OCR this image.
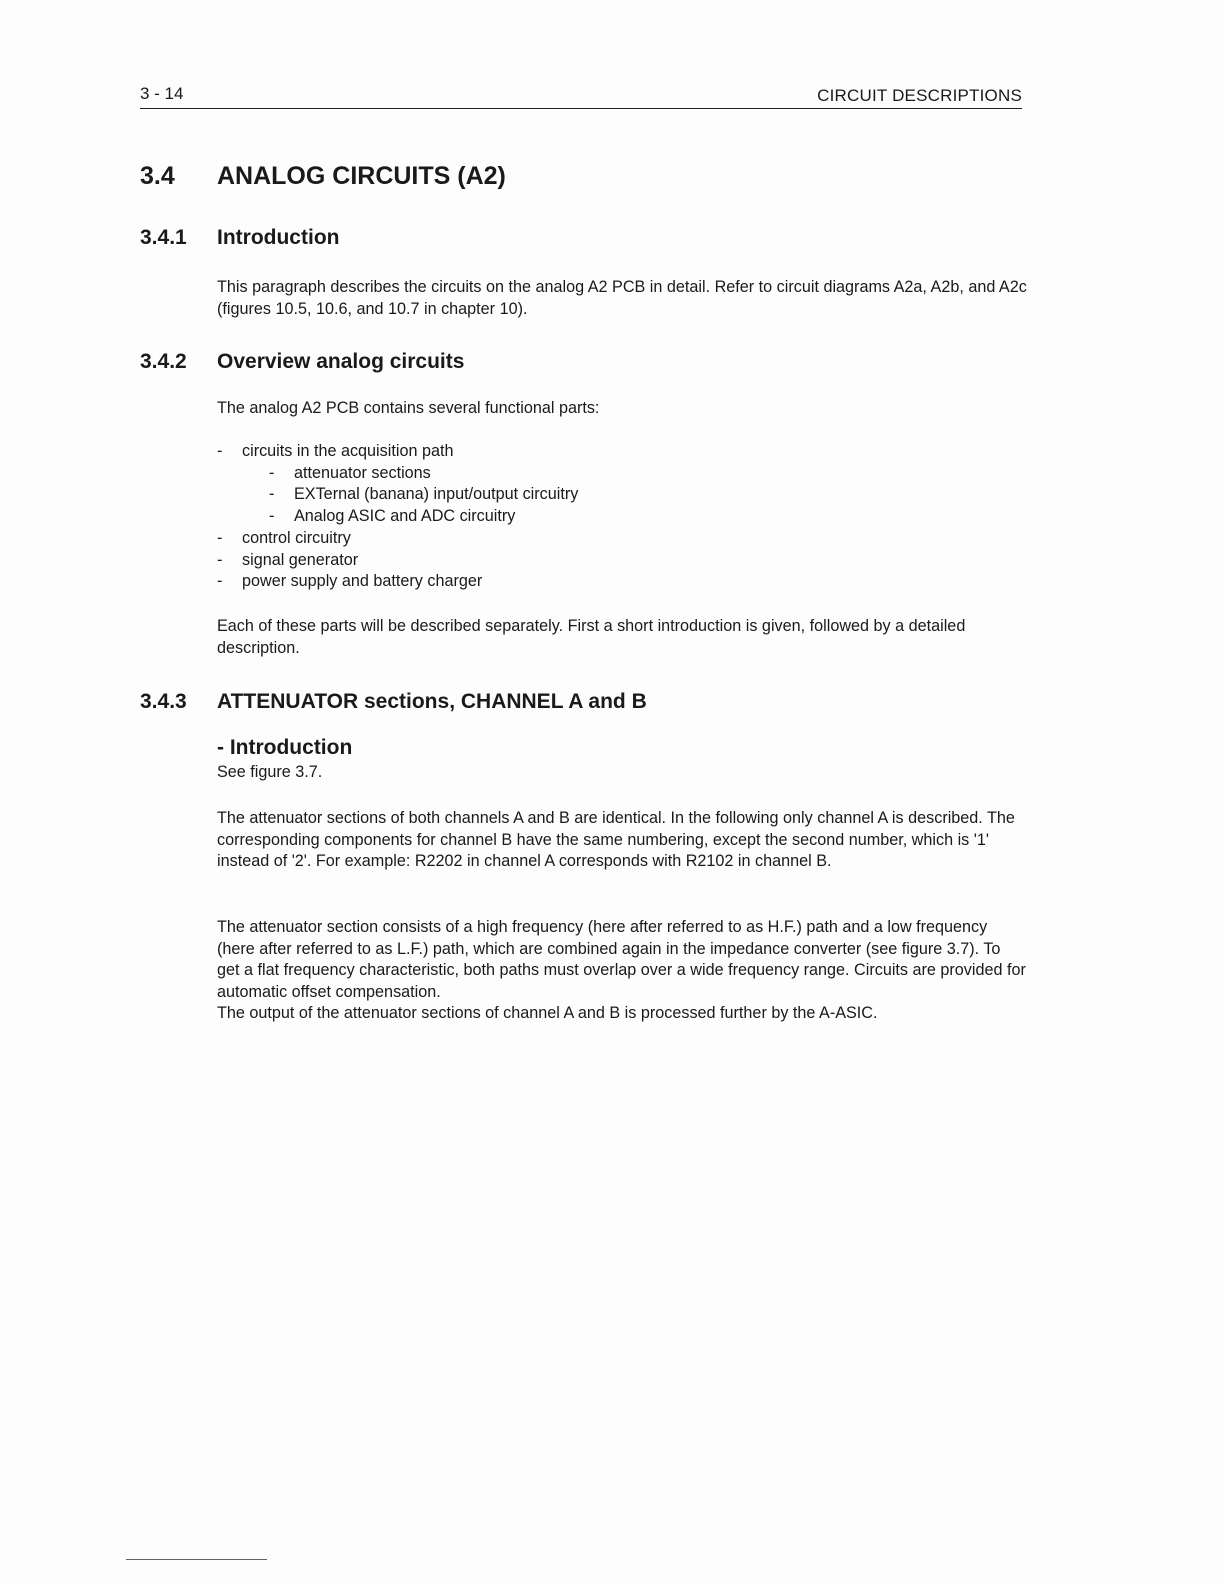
3 - 14	CIRCUIT DESCRIPTIONS
3.4 ANALOG CIRCUITS (A2)
3.4.1 Introduction

This paragraph describes the circuits on the analog A2 PCB in detail. Refer to circuit diagrams A2a, A2b, and A2c (figures 10.5, 10.6, and 10.7 in chapter 10).

3.4.2 Overview analog circuits

The analog A2 PCB contains several functional parts:

- circuits in the acquisition path
- attenuator sections
- EXTernal (banana) input/output circuitry
- Analog ASIC and ADC circuitry
- control circuitry
- signal generator
- power supply and battery charger

Each of these parts will be described separately. First a short introduction is given, followed by a detailed description.

3.4.3 ATTENUATOR sections, CHANNEL A and B
- Introduction

See figure 3.7.

The attenuator sections of both channels A and B are identical. In the following only channel A is described. The corresponding components for channel B have the same numbering, except the second number, which is '1' instead of '2'. For example: R2202 in channel A corresponds with R2102 in channel B.

The attenuator section consists of a high frequency (here after referred to as H.F.) path and a low frequency (here after referred to as L.F.) path, which are combined again in the impedance converter (see figure 3.7). To get a flat frequency characteristic, both paths must overlap over a wide frequency range. Circuits are provided for automatic offset compensation.

The output of the attenuator sections of channel A and B is processed further by the A-ASIC.
